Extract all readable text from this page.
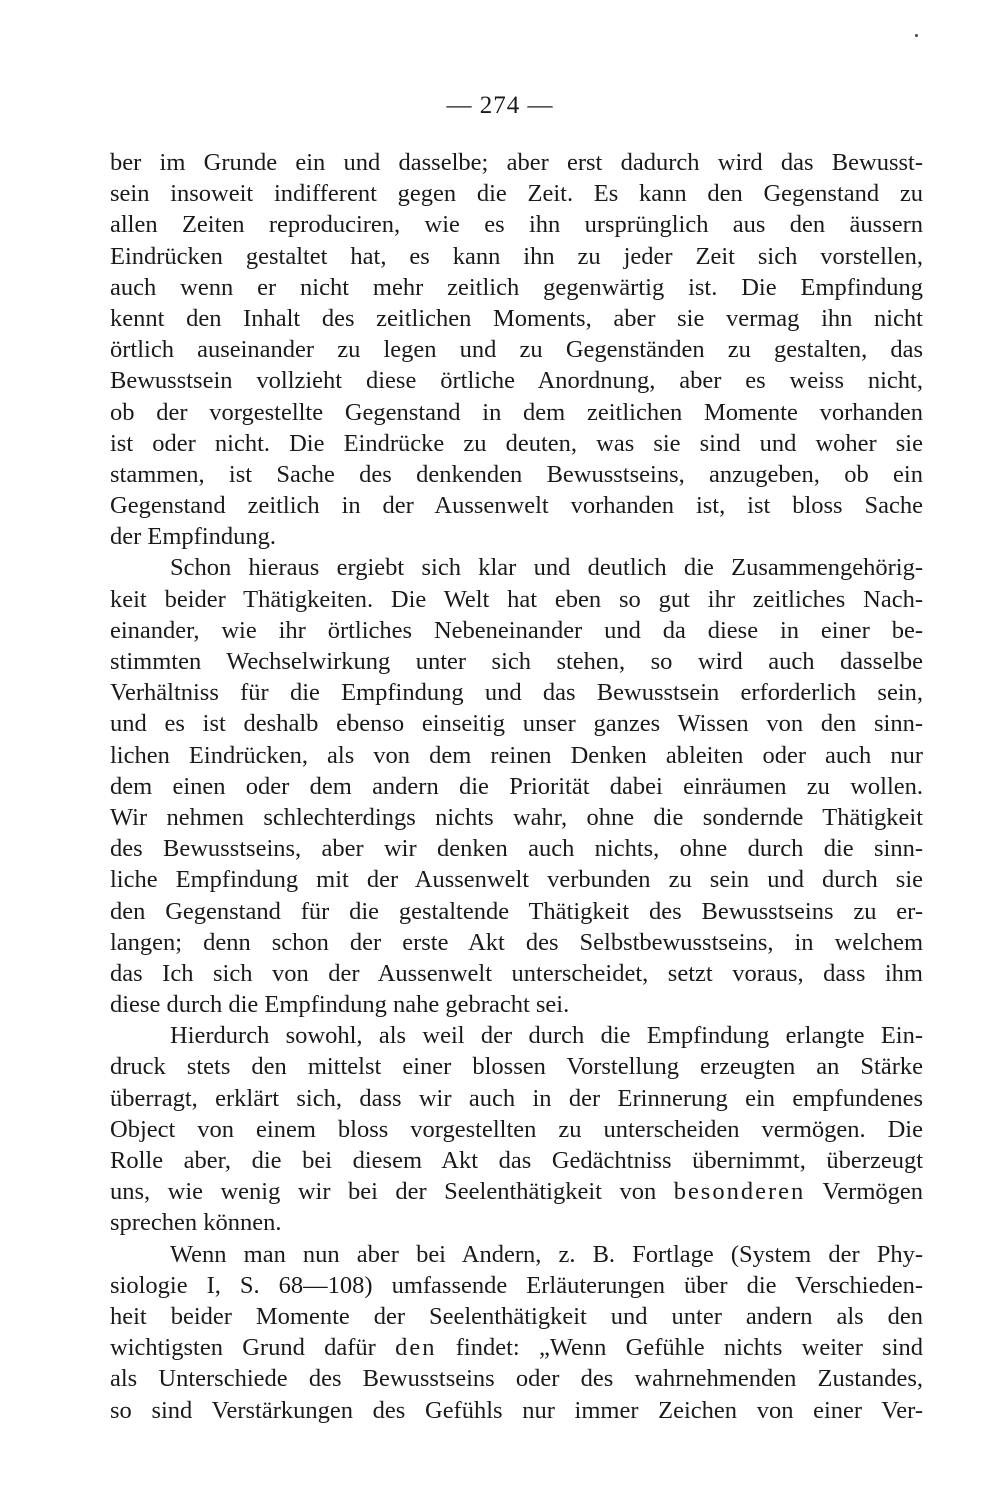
— 274 —
ber im Grunde ein und dasselbe; aber erst dadurch wird das Bewusst-
sein insoweit indifferent gegen die Zeit. Es kann den Gegenstand zu
allen Zeiten reproduciren, wie es ihn ursprünglich aus den äussern
Eindrücken gestaltet hat, es kann ihn zu jeder Zeit sich vorstellen,
auch wenn er nicht mehr zeitlich gegenwärtig ist. Die Empfindung
kennt den Inhalt des zeitlichen Moments, aber sie vermag ihn nicht
örtlich auseinander zu legen und zu Gegenständen zu gestalten, das
Bewusstsein vollzieht diese örtliche Anordnung, aber es weiss nicht,
ob der vorgestellte Gegenstand in dem zeitlichen Momente vorhanden
ist oder nicht. Die Eindrücke zu deuten, was sie sind und woher sie
stammen, ist Sache des denkenden Bewusstseins, anzugeben, ob ein
Gegenstand zeitlich in der Aussenwelt vorhanden ist, ist bloss Sache
der Empfindung.
Schon hieraus ergiebt sich klar und deutlich die Zusammengehörig-
keit beider Thätigkeiten. Die Welt hat eben so gut ihr zeitliches Nach-
einander, wie ihr örtliches Nebeneinander und da diese in einer be-
stimmten Wechselwirkung unter sich stehen, so wird auch dasselbe
Verhältniss für die Empfindung und das Bewusstsein erforderlich sein,
und es ist deshalb ebenso einseitig unser ganzes Wissen von den sinn-
lichen Eindrücken, als von dem reinen Denken ableiten oder auch nur
dem einen oder dem andern die Priorität dabei einräumen zu wollen.
Wir nehmen schlechterdings nichts wahr, ohne die sondernde Thätigkeit
des Bewusstseins, aber wir denken auch nichts, ohne durch die sinn-
liche Empfindung mit der Aussenwelt verbunden zu sein und durch sie
den Gegenstand für die gestaltende Thätigkeit des Bewusstseins zu er-
langen; denn schon der erste Akt des Selbstbewusstseins, in welchem
das Ich sich von der Aussenwelt unterscheidet, setzt voraus, dass ihm
diese durch die Empfindung nahe gebracht sei.
Hierdurch sowohl, als weil der durch die Empfindung erlangte Ein-
druck stets den mittelst einer blossen Vorstellung erzeugten an Stärke
überragt, erklärt sich, dass wir auch in der Erinnerung ein empfundenes
Object von einem bloss vorgestellten zu unterscheiden vermögen. Die
Rolle aber, die bei diesem Akt das Gedächtniss übernimmt, überzeugt
uns, wie wenig wir bei der Seelenthätigkeit von besonderen Vermögen
sprechen können.
Wenn man nun aber bei Andern, z. B. Fortlage (System der Phy-
siologie I, S. 68—108) umfassende Erläuterungen über die Verschieden-
heit beider Momente der Seelenthätigkeit und unter andern als den
wichtigsten Grund dafür den findet: „Wenn Gefühle nichts weiter sind
als Unterschiede des Bewusstseins oder des wahrnehmenden Zustandes,
so sind Verstärkungen des Gefühls nur immer Zeichen von einer Ver-
